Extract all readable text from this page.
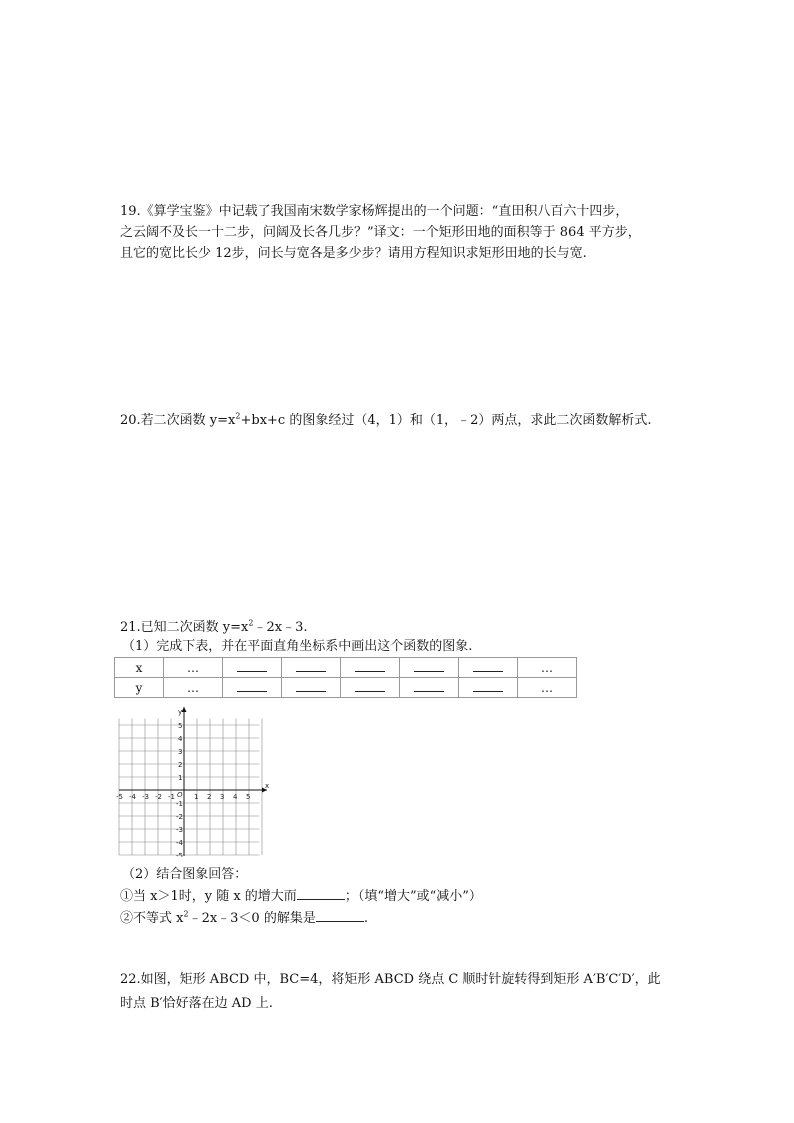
19.《算学宝鉴》中记载了我国南宋数学家杨辉提出的一个问题：“直田积八百六十四步，
之云阔不及长一十二步，问阔及长各几步？”译文：一个矩形田地的面积等于 864 平方步，
且它的宽比长少 12步，问长与宽各是多少步？请用方程知识求矩形田地的长与宽.
20.若二次函数 $y=x^2+bx+c$ 的图象经过（4，1）和（1，﹣2）两点，求此二次函数解析式.
21.已知二次函数 $y=x^2﹣2x﹣3$.
（1）完成下表，并在平面直角坐标系中画出这个函数的图象.
x	…						…
y	…						…
x
y
O
-5 -4 -3 -2 -1	1 2 3 4 5
5
4
3
2
1
-1
-2
-3
-4
-5
（2）结合图象回答：
①当 x＞1时，y 随 x 的增大而	；（填“增大”或“减小”）
②不等式 $x^2﹣2x﹣3<0$ 的解集是	.
22.如图，矩形 ABCD 中，BC=4，将矩形 ABCD 绕点 C 顺时针旋转得到矩形 A′B′C′D′，此
时点 B′恰好落在边 AD 上.
